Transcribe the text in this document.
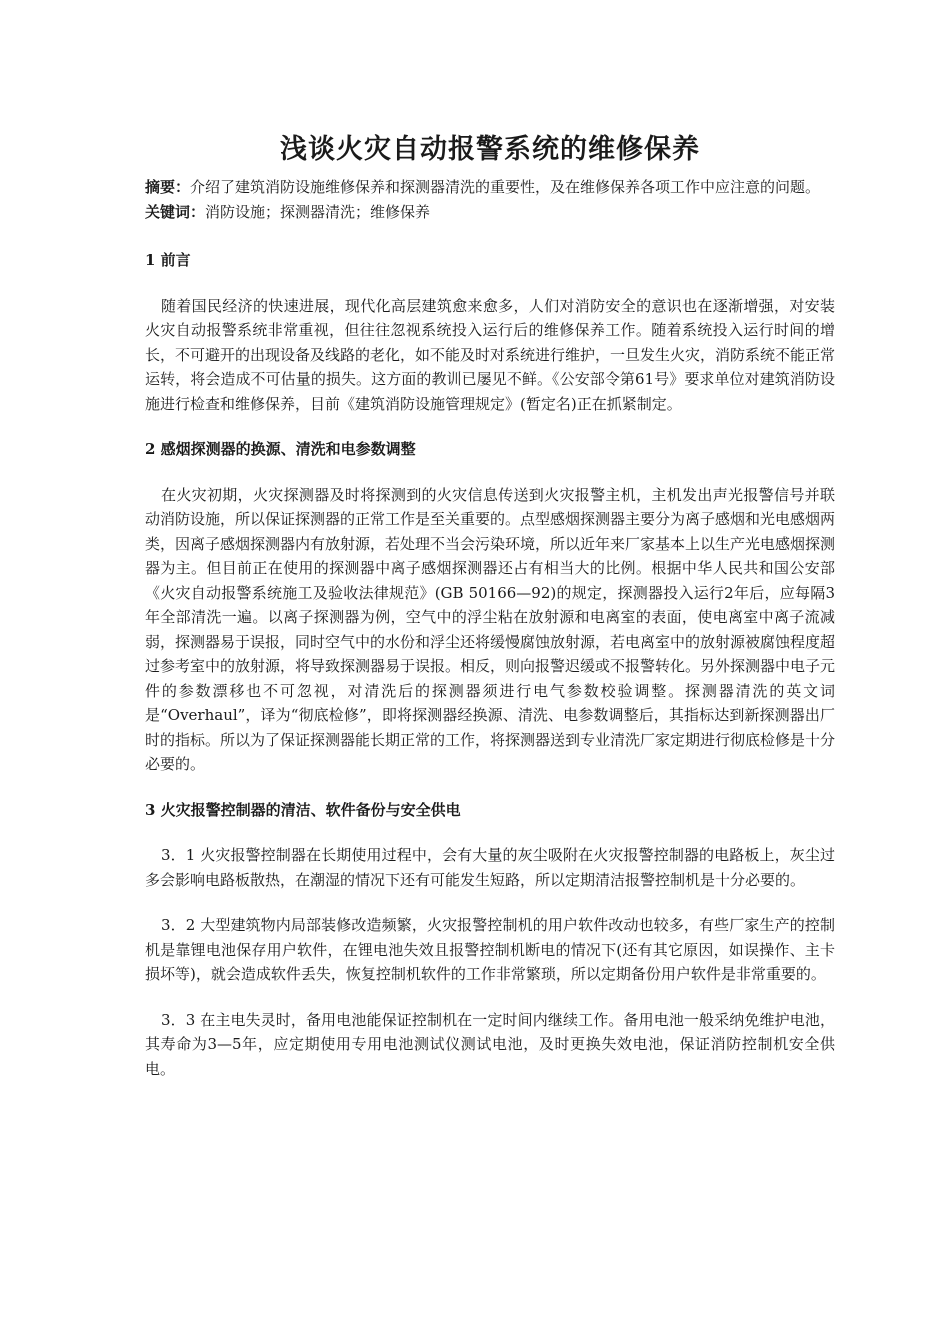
浅谈火灾自动报警系统的维修保养

摘要：介绍了建筑消防设施维修保养和探测器清洗的重要性，及在维修保养各项工作中应注意的问题。

关键词：消防设施；探测器清洗；维修保养

1 前言

随着国民经济的快速进展，现代化高层建筑愈来愈多，人们对消防安全的意识也在逐渐增强，对安装火灾自动报警系统非常重视，但往往忽视系统投入运行后的维修保养工作。随着系统投入运行时间的增长，不可避开的出现设备及线路的老化，如不能及时对系统进行维护，一旦发生火灾，消防系统不能正常运转，将会造成不可估量的损失。这方面的教训已屡见不鲜。《公安部令第61号》要求单位对建筑消防设施进行检查和维修保养，目前《建筑消防设施管理规定》(暂定名)正在抓紧制定。

2 感烟探测器的换源、清洗和电参数调整

在火灾初期，火灾探测器及时将探测到的火灾信息传送到火灾报警主机，主机发出声光报警信号并联动消防设施，所以保证探测器的正常工作是至关重要的。点型感烟探测器主要分为离子感烟和光电感烟两类，因离子感烟探测器内有放射源，若处理不当会污染环境，所以近年来厂家基本上以生产光电感烟探测器为主。但目前正在使用的探测器中离子感烟探测器还占有相当大的比例。根据中华人民共和国公安部《火灾自动报警系统施工及验收法律规范》(GB 50166—92)的规定，探测器投入运行2年后，应每隔3年全部清洗一遍。以离子探测器为例，空气中的浮尘粘在放射源和电离室的表面，使电离室中离子流减弱，探测器易于误报，同时空气中的水份和浮尘还将缓慢腐蚀放射源，若电离室中的放射源被腐蚀程度超过参考室中的放射源，将导致探测器易于误报。相反，则向报警迟缓或不报警转化。另外探测器中电子元件的参数漂移也不可忽视，对清洗后的探测器须进行电气参数校验调整。探测器清洗的英文词是“Overhaul”，译为“彻底检修”，即将探测器经换源、清洗、电参数调整后，其指标达到新探测器出厂时的指标。所以为了保证探测器能长期正常的工作，将探测器送到专业清洗厂家定期进行彻底检修是十分必要的。

3 火灾报警控制器的清洁、软件备份与安全供电

3．1 火灾报警控制器在长期使用过程中，会有大量的灰尘吸附在火灾报警控制器的电路板上，灰尘过多会影响电路板散热，在潮湿的情况下还有可能发生短路，所以定期清洁报警控制机是十分必要的。

3．2 大型建筑物内局部装修改造频繁，火灾报警控制机的用户软件改动也较多，有些厂家生产的控制机是靠锂电池保存用户软件，在锂电池失效且报警控制机断电的情况下(还有其它原因，如误操作、主卡损坏等)，就会造成软件丢失，恢复控制机软件的工作非常繁琐，所以定期备份用户软件是非常重要的。

3．3 在主电失灵时，备用电池能保证控制机在一定时间内继续工作。备用电池一般采纳免维护电池，其寿命为3—5年，应定期使用专用电池测试仪测试电池，及时更换失效电池，保证消防控制机安全供电。
